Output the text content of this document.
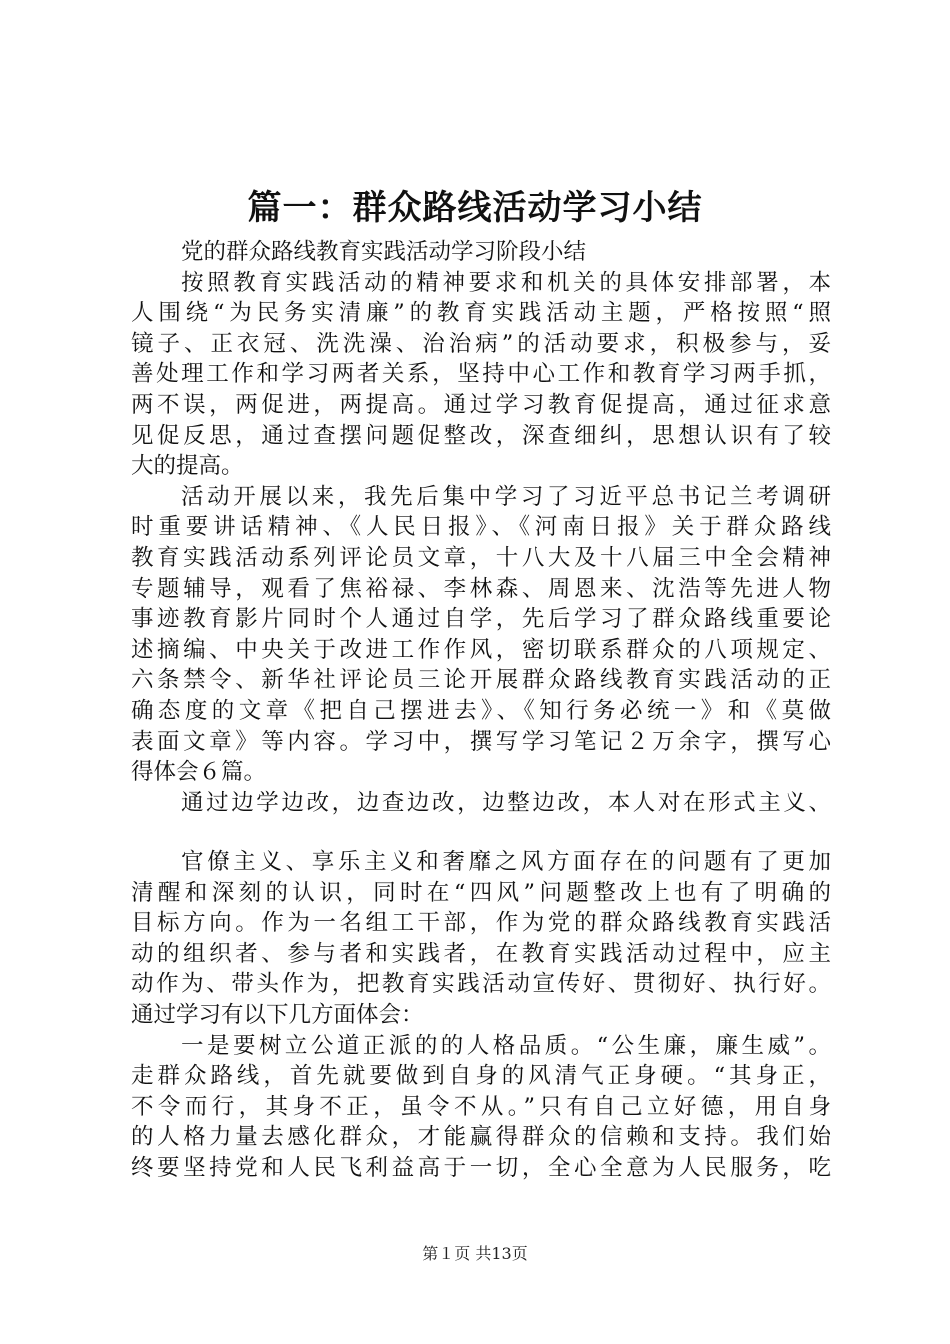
篇一：群众路线活动学习小结
党的群众路线教育实践活动学习阶段小结
按照教育实践活动的精神要求和机关的具体安排部署，本
人围绕“为民务实清廉”的教育实践活动主题，严格按照“照
镜子、正衣冠、洗洗澡、治治病”的活动要求，积极参与，妥
善处理工作和学习两者关系，坚持中心工作和教育学习两手抓，
两不误，两促进，两提高。通过学习教育促提高，通过征求意
见促反思，通过查摆问题促整改，深查细纠，思想认识有了较
大的提高。
活动开展以来，我先后集中学习了习近平总书记兰考调研
时重要讲话精神、《人民日报》、《河南日报》关于群众路线
教育实践活动系列评论员文章，十八大及十八届三中全会精神
专题辅导，观看了焦裕禄、李林森、周恩来、沈浩等先进人物
事迹教育影片同时个人通过自学，先后学习了群众路线重要论
述摘编、中央关于改进工作作风，密切联系群众的八项规定、
六条禁令、新华社评论员三论开展群众路线教育实践活动的正
确态度的文章《把自己摆进去》、《知行务必统一》和《莫做
表面文章》等内容。学习中，撰写学习笔记２万余字，撰写心
得体会６篇。
通过边学边改，边查边改，边整边改，本人对在形式主义、
官僚主义、享乐主义和奢靡之风方面存在的问题有了更加
清醒和深刻的认识，同时在“四风”问题整改上也有了明确的
目标方向。作为一名组工干部，作为党的群众路线教育实践活
动的组织者、参与者和实践者，在教育实践活动过程中，应主
动作为、带头作为，把教育实践活动宣传好、贯彻好、执行好。
通过学习有以下几方面体会：
一是要树立公道正派的的人格品质。“公生廉，廉生威”。
走群众路线，首先就要做到自身的风清气正身硬。“其身正，
不令而行，其身不正，虽令不从。”只有自己立好德，用自身
的人格力量去感化群众，才能赢得群众的信赖和支持。我们始
终要坚持党和人民飞利益高于一切，全心全意为人民服务，吃
第１页 共13页
